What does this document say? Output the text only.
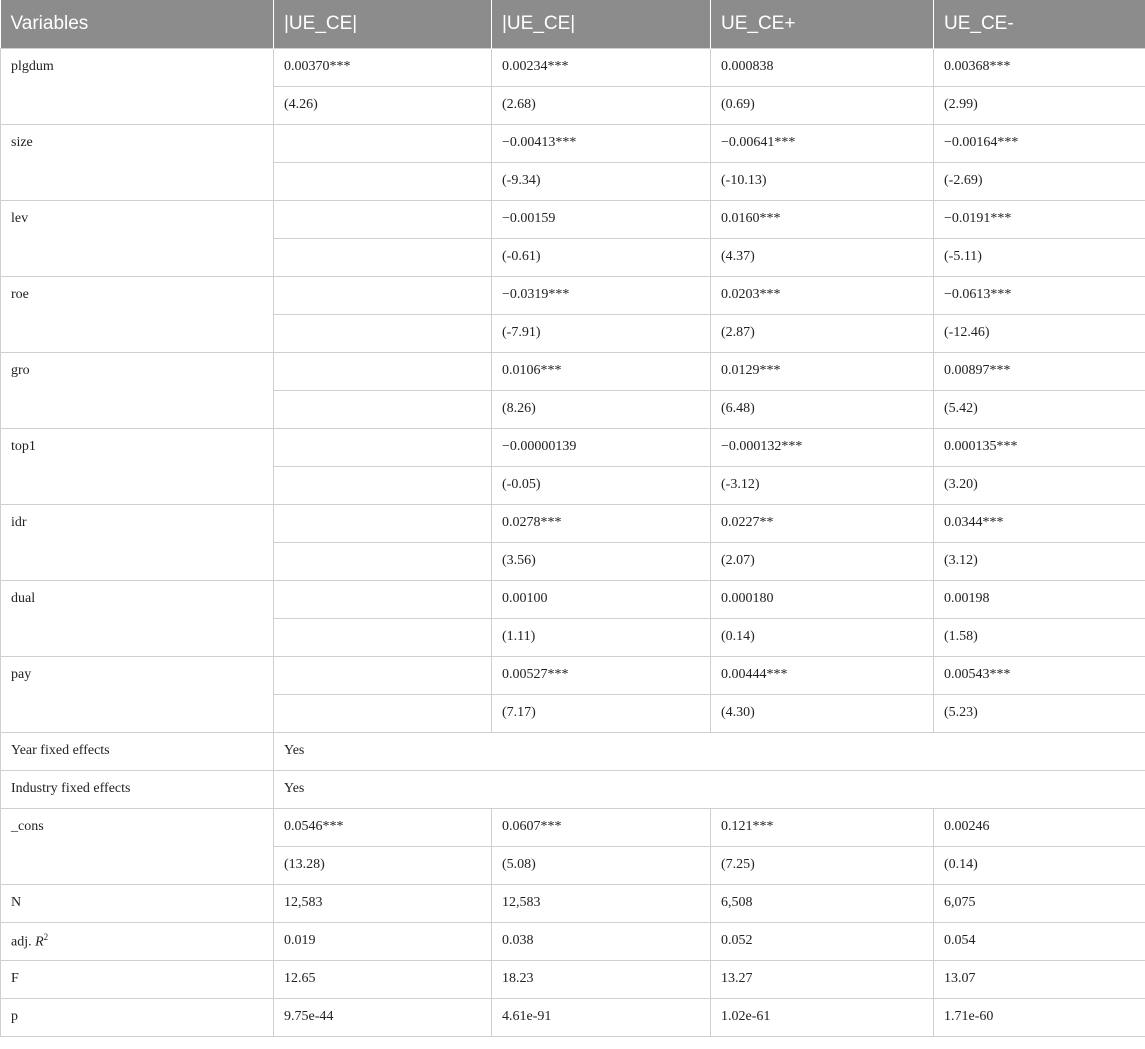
Variables	|UE_CE|	|UE_CE|	UE_CE+	UE_CE-
plgdum	0.00370***	0.00234***	0.000838	0.00368***
	(4.26)	(2.68)	(0.69)	(2.99)
size		−0.00413***	−0.00641***	−0.00164***
		(-9.34)	(-10.13)	(-2.69)
lev		−0.00159	0.0160***	−0.0191***
		(-0.61)	(4.37)	(-5.11)
roe		−0.0319***	0.0203***	−0.0613***
		(-7.91)	(2.87)	(-12.46)
gro		0.0106***	0.0129***	0.00897***
		(8.26)	(6.48)	(5.42)
top1		−0.00000139	−0.000132***	0.000135***
		(-0.05)	(-3.12)	(3.20)
idr		0.0278***	0.0227**	0.0344***
		(3.56)	(2.07)	(3.12)
dual		0.00100	0.000180	0.00198
		(1.11)	(0.14)	(1.58)
pay		0.00527***	0.00444***	0.00543***
		(7.17)	(4.30)	(5.23)
Year fixed effects	Yes			
Industry fixed effects	Yes			
_cons	0.0546***	0.0607***	0.121***	0.00246
	(13.28)	(5.08)	(7.25)	(0.14)
N	12,583	12,583	6,508	6,075
adj. $R^2$	0.019	0.038	0.052	0.054
F	12.65	18.23	13.27	13.07
p	9.75e-44	4.61e-91	1.02e-61	1.71e-60
